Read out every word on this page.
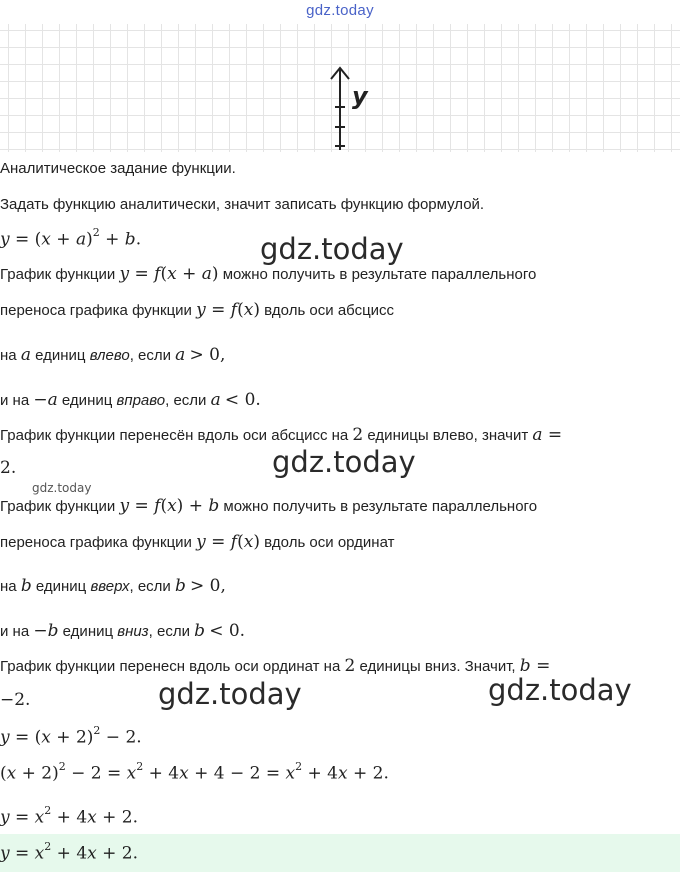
gdz.today
y
Аналитическое задание функции.
Задать функцию аналитически, значит записать функцию формулой.
$y = (x + a)^2 + b$.
График функции y = f(x + a) можно получить в результате параллельного
переноса графика функции y = f(x) вдоль оси абсцисс
на a единиц влево, если a > 0,
и на −a единиц вправо, если a < 0.
График функции перенесён вдоль оси абсцисс на 2 единицы влево, значит a =
2.
График функции y = f(x) + b можно получить в результате параллельного
переноса графика функции y = f(x) вдоль оси ординат
на b единиц вверх, если b > 0,
и на −b единиц вниз, если b < 0.
График функции перенесн вдоль оси ординат на 2 единицы вниз. Значит, b =
−2.
$y = (x + 2)^2 - 2$.
$(x + 2)^2 - 2 = x^2 + 4x + 4 - 2 = x^2 + 4x + 2$.
$y = x^2 + 4x + 2$.
$y = x^2 + 4x + 2$.
gdz.today
gdz.today
gdz.today
gdz.today	gdz.today
